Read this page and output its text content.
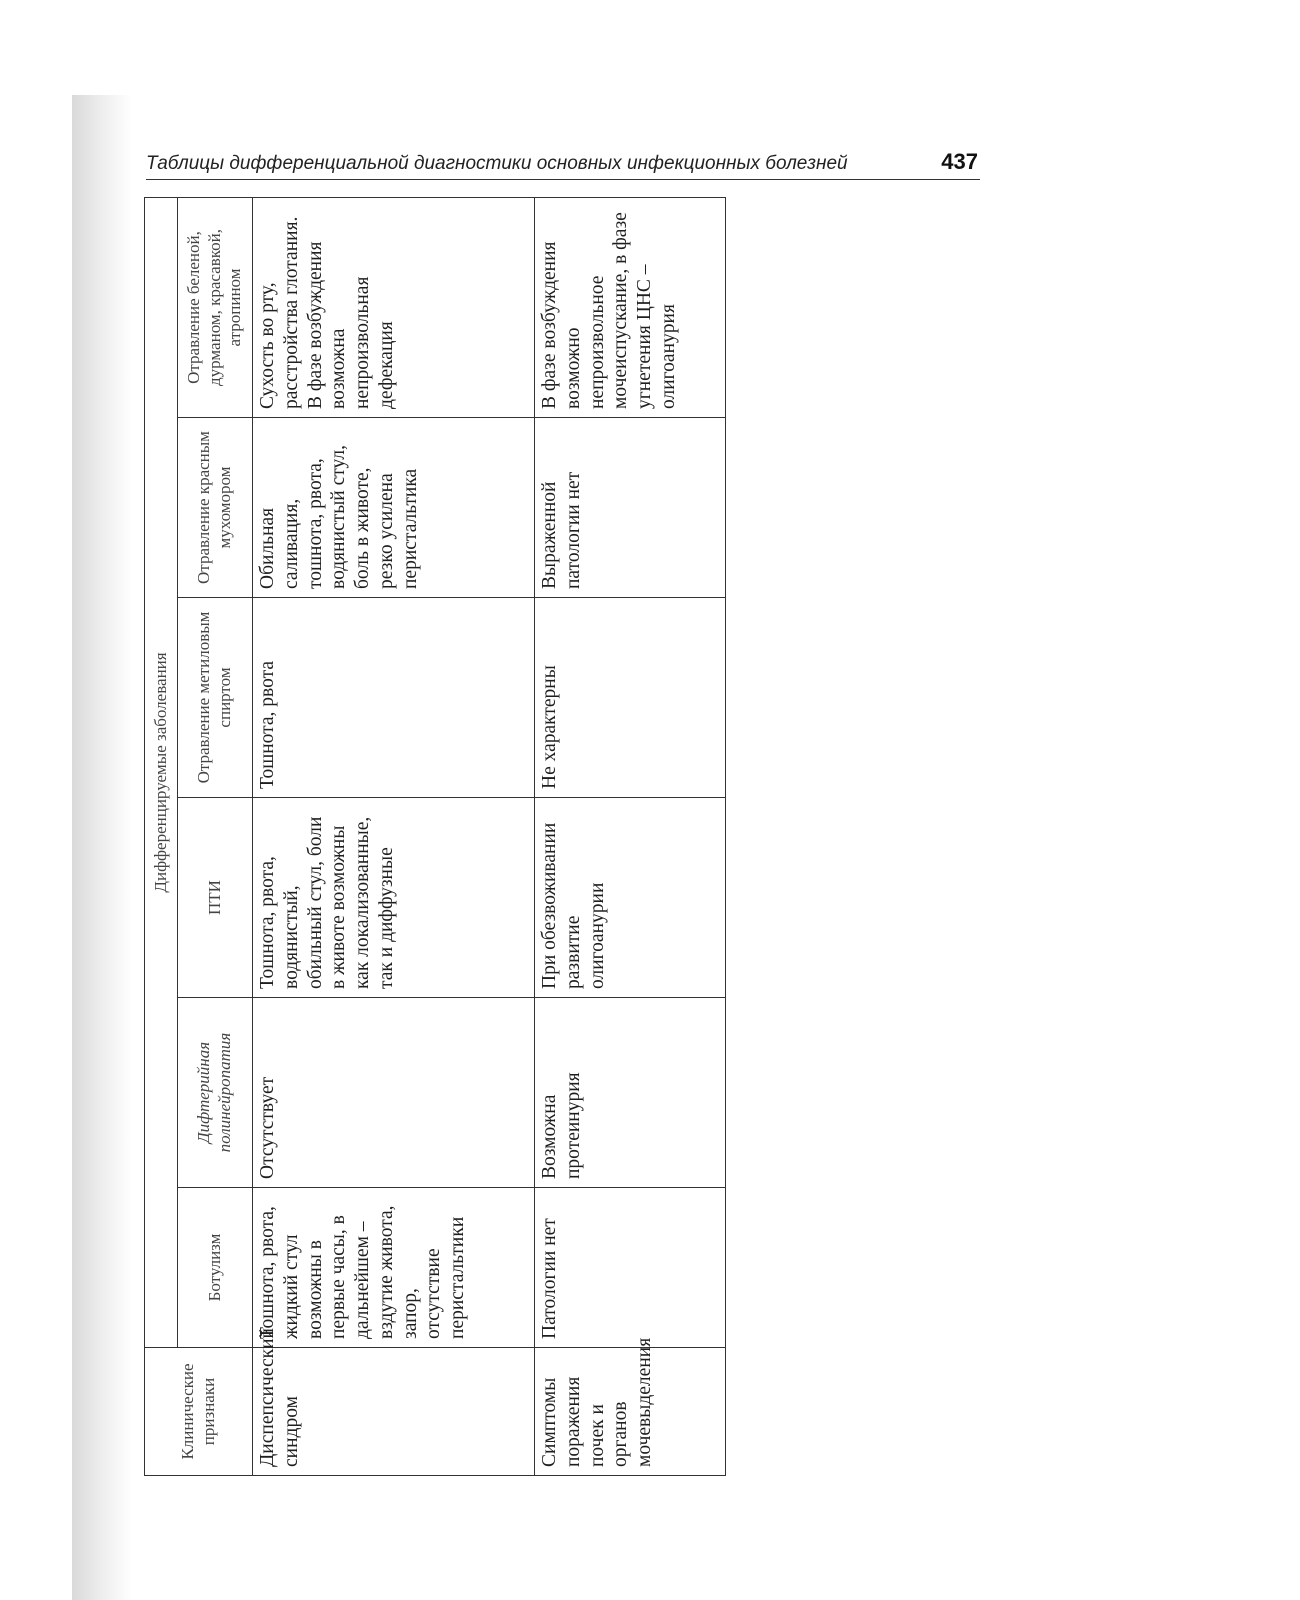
Таблицы дифференциальной диагностики основных инфекционных болезней	437
Клинические признаки	Дифференцируемые заболевания					
	Ботулизм	Дифтерийная полинейропатия	ПТИ	Отравление метиловым спиртом	Отравление красным мухомором	Отравление беленой, дурманом, красавкой, атропином
Диспепсический синдром	Тошнота, рвота, жидкий стул возможны в первые часы, в дальнейшем – вздутие живота, запор, отсутствие перистальтики	Отсутствует	Тошнота, рвота, водянистый, обильный стул, боли в животе возможны как локализованные, так и диффузные	Тошнота, рвота	Обильная саливация, тошнота, рвота, водянистый стул, боль в животе, резко усилена перистальтика	Сухость во рту, расстройства глотания. В фазе возбуждения возможна непроизвольная дефекация
Симптомы поражения почек и органов мочевыделения	Патологии нет	Возможна протеинурия	При обезвоживании развитие олигоанурии	Не характерны	Выраженной патологии нет	В фазе возбуждения возможно непроизвольное мочеиспускание, в фазе угнетения ЦНС – олигоанурия
